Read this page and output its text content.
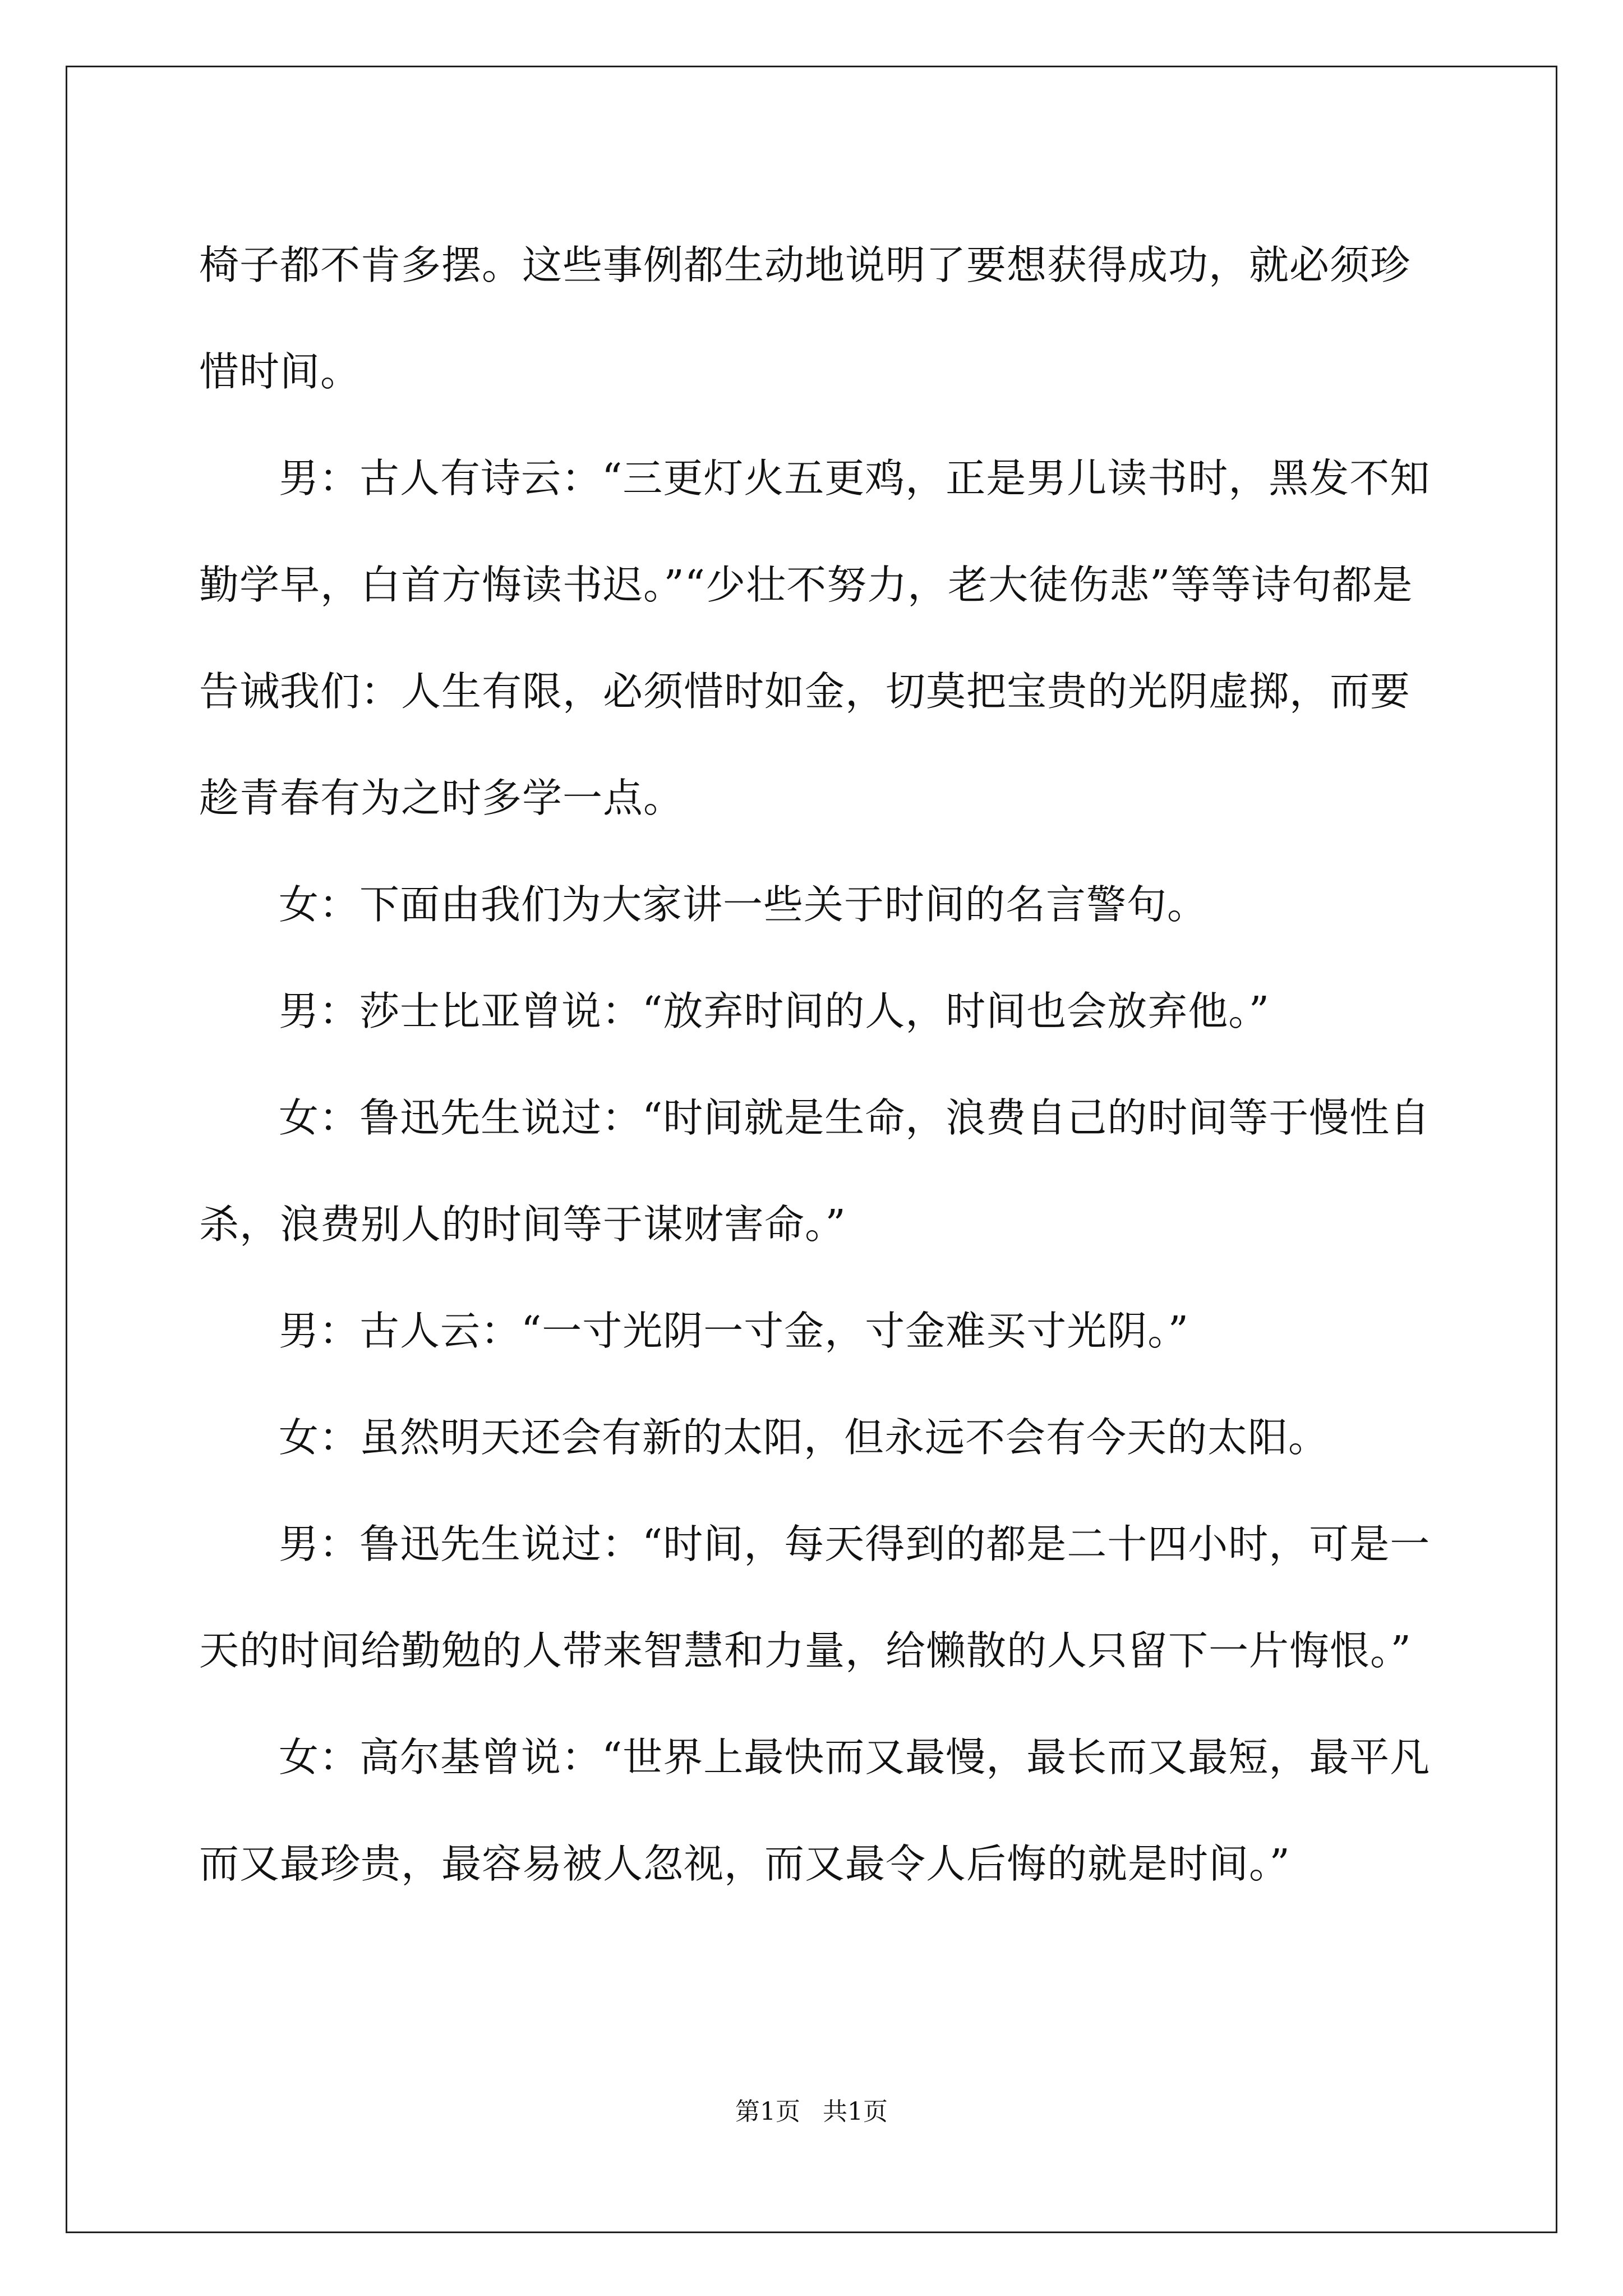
椅子都不肯多摆。这些事例都生动地说明了要想获得成功，就必须珍惜时间。

男：古人有诗云：“三更灯火五更鸡，正是男儿读书时，黑发不知勤学早，白首方悔读书迟。”“少壮不努力，老大徒伤悲”等等诗句都是告诫我们：人生有限，必须惜时如金，切莫把宝贵的光阴虚掷，而要趁青春有为之时多学一点。

女：下面由我们为大家讲一些关于时间的名言警句。

男：莎士比亚曾说：“放弃时间的人，时间也会放弃他。”

女：鲁迅先生说过：“时间就是生命，浪费自己的时间等于慢性自杀，浪费别人的时间等于谋财害命。”

男：古人云：“一寸光阴一寸金，寸金难买寸光阴。”

女：虽然明天还会有新的太阳，但永远不会有今天的太阳。

男：鲁迅先生说过：“时间，每天得到的都是二十四小时，可是一天的时间给勤勉的人带来智慧和力量，给懒散的人只留下一片悔恨。”

女：高尔基曾说：“世界上最快而又最慢，最长而又最短，最平凡而又最珍贵，最容易被人忽视，而又最令人后悔的就是时间。”

第1页 共1页
